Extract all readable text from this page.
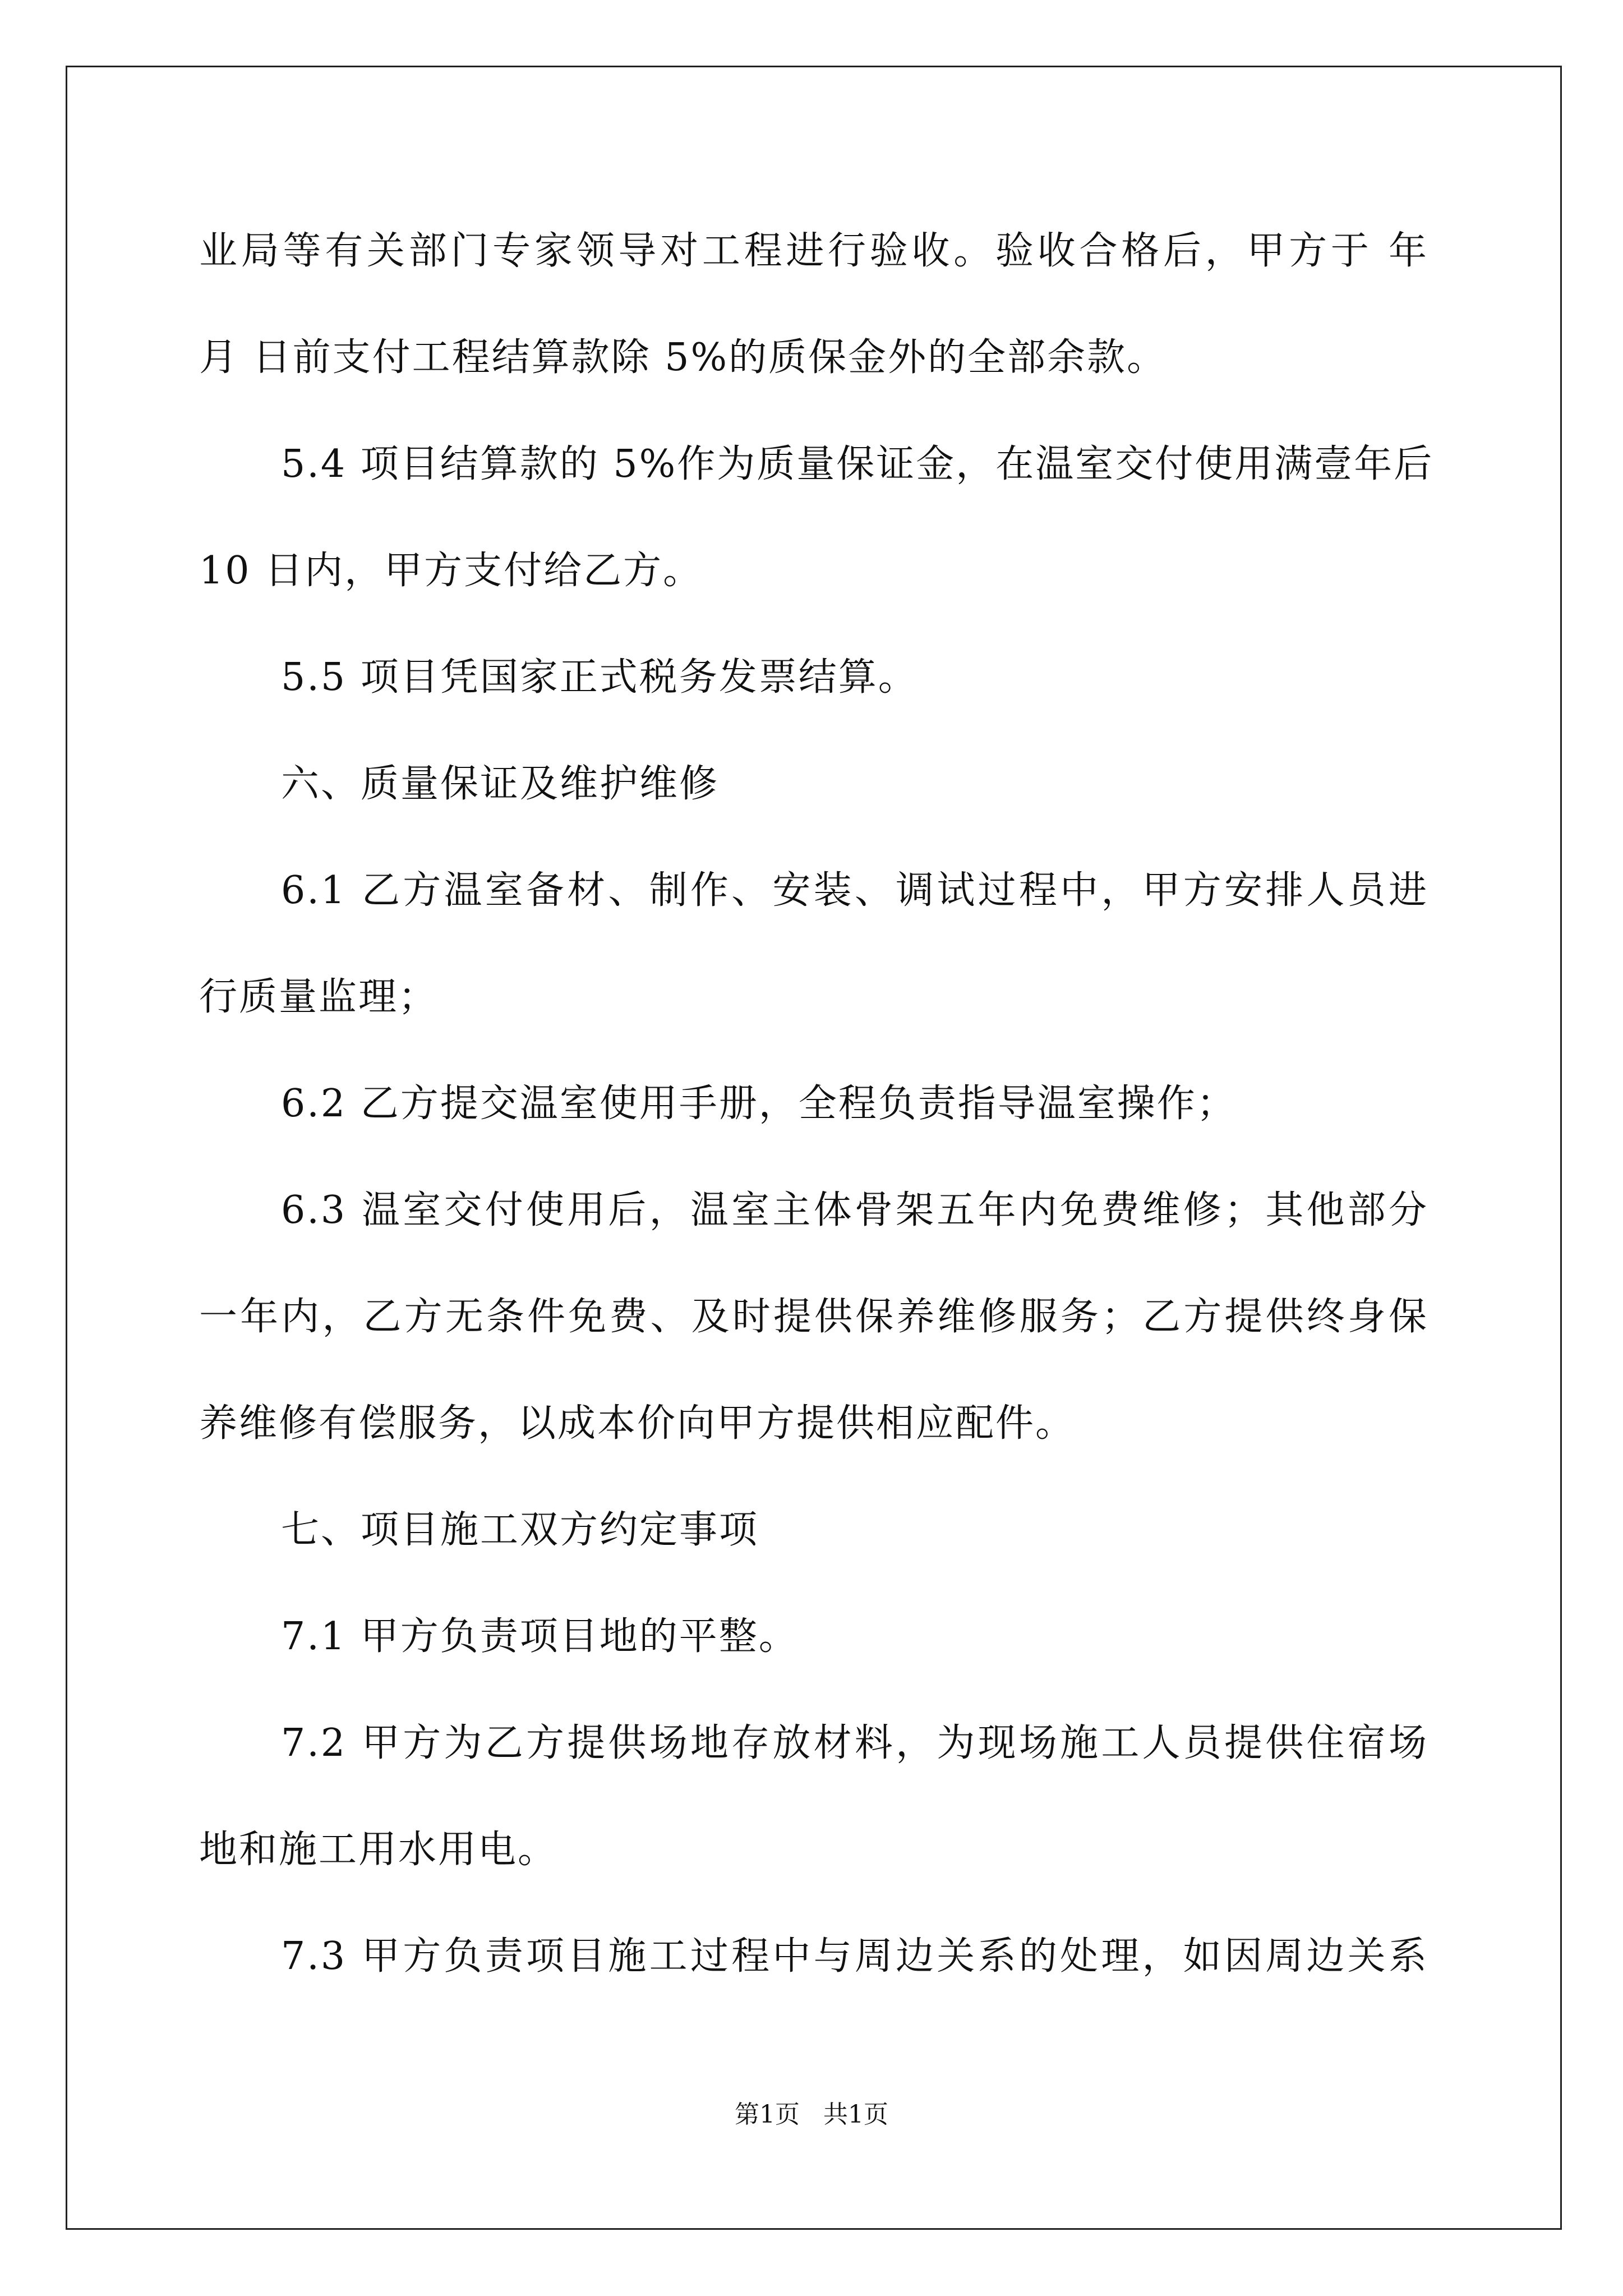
业局等有关部门专家领导对工程进行验收。验收合格后，甲方于 年
月 日前支付工程结算款除 5%的质保金外的全部余款。
5.4 项目结算款的 5%作为质量保证金，在温室交付使用满壹年后
10 日内，甲方支付给乙方。
5.5 项目凭国家正式税务发票结算。
六、质量保证及维护维修
6.1 乙方温室备材、制作、安装、调试过程中，甲方安排人员进
行质量监理；
6.2 乙方提交温室使用手册，全程负责指导温室操作；
6.3 温室交付使用后，温室主体骨架五年内免费维修；其他部分
一年内，乙方无条件免费、及时提供保养维修服务；乙方提供终身保
养维修有偿服务，以成本价向甲方提供相应配件。
七、项目施工双方约定事项
7.1 甲方负责项目地的平整。
7.2 甲方为乙方提供场地存放材料，为现场施工人员提供住宿场
地和施工用水用电。
7.3 甲方负责项目施工过程中与周边关系的处理，如因周边关系
第1页 共1页
